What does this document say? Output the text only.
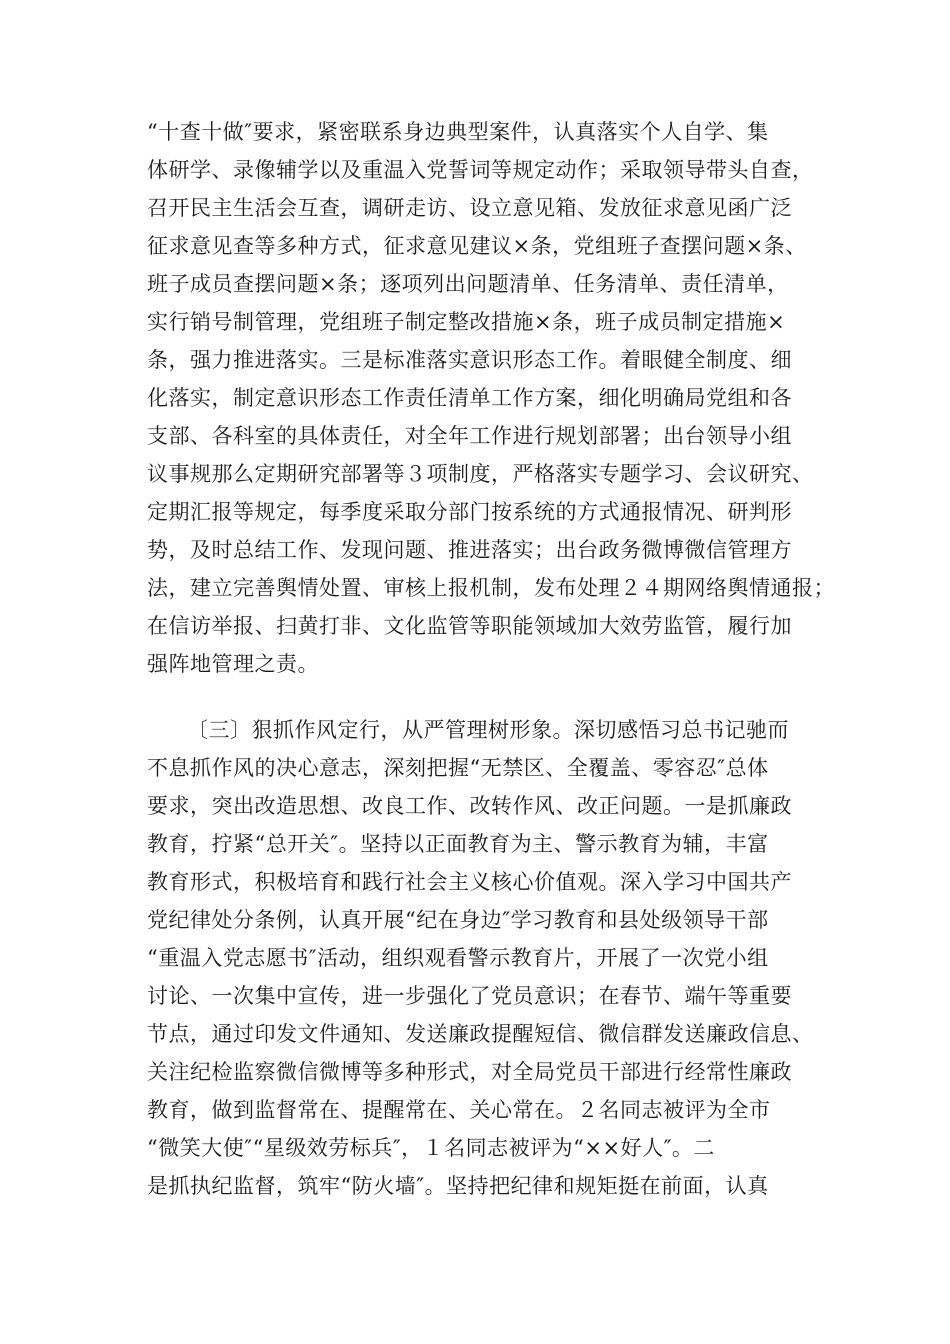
“十查十做″要求，紧密联系身边典型案件，认真落实个人自学、集
体研学、录像辅学以及重温入党誓词等规定动作；采取领导带头自查，
召开民主生活会互查，调研走访、设立意见箱、发放征求意见函广泛
征求意见查等多种方式，征求意见建议×条，党组班子查摆问题×条、
班子成员查摆问题×条；逐项列出问题清单、任务清单、责任清单，
实行销号制管理，党组班子制定整改措施×条，班子成员制定措施×
条，强力推进落实。三是标准落实意识形态工作。着眼健全制度、细
化落实，制定意识形态工作责任清单工作方案，细化明确局党组和各
支部、各科室的具体责任，对全年工作进行规划部署；出台领导小组
议事规那么定期研究部署等３项制度，严格落实专题学习、会议研究、
定期汇报等规定，每季度采取分部门按系统的方式通报情况、研判形
势，及时总结工作、发现问题、推进落实；出台政务微博微信管理方
法，建立完善舆情处置、审核上报机制，发布处理２４期网络舆情通报；
在信访举报、扫黄打非、文化监管等职能领域加大效劳监管，履行加
强阵地管理之责。
〔三〕狠抓作风定行，从严管理树形象。深切感悟习总书记驰而
不息抓作风的决心意志，深刻把握“无禁区、全覆盖、零容忍″总体
要求，突出改造思想、改良工作、改转作风、改正问题。一是抓廉政
教育，拧紧“总开关″。坚持以正面教育为主、警示教育为辅，丰富
教育形式，积极培育和践行社会主义核心价值观。深入学习中国共产
党纪律处分条例，认真开展“纪在身边″学习教育和县处级领导干部
“重温入党志愿书″活动，组织观看警示教育片，开展了一次党小组
讨论、一次集中宣传，进一步强化了党员意识；在春节、端午等重要
节点，通过印发文件通知、发送廉政提醒短信、微信群发送廉政信息、
关注纪检监察微信微博等多种形式，对全局党员干部进行经常性廉政
教育，做到监督常在、提醒常在、关心常在。２名同志被评为全市
“微笑大使″“星级效劳标兵″，１名同志被评为“××好人″。二
是抓执纪监督，筑牢“防火墙″。坚持把纪律和规矩挺在前面，认真
